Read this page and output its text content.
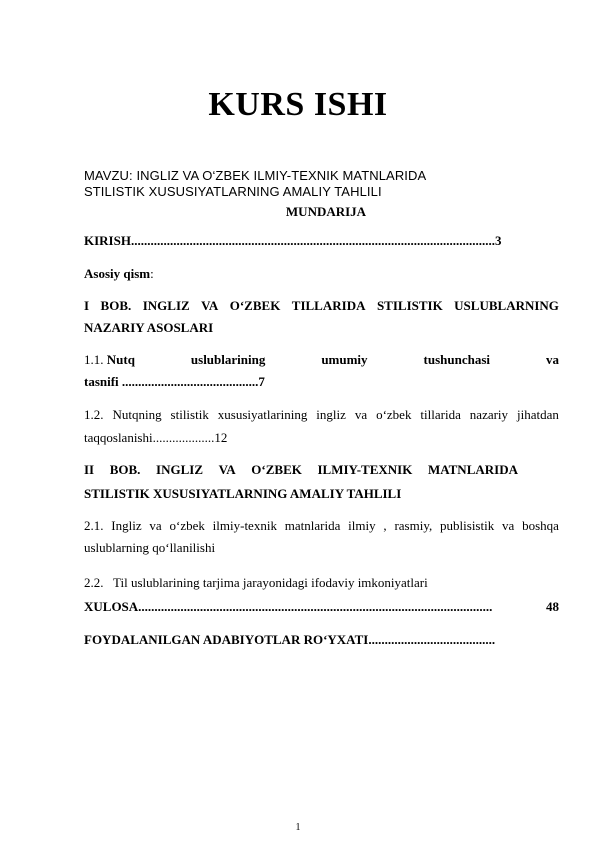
KURS ISHI
MAVZU: INGLIZ VA O‘ZBEK ILMIY-TEXNIK MATNLARIDA
STILISTIK XUSUSIYATLARNING AMALIY TAHLILI
MUNDARIJA
KIRISH................................................................................................................3
Asosiy qism:
I BOB. INGLIZ VA O‘ZBEK TILLARIDA STILISTIK USLUBLARNING
NAZARIY ASOSLARI
1.1. Nutq	uslublarining	umumiy	tushunchasi	va
tasnifi ..........................................7
1.2. Nutqning stilistik xususiyatlarining ingliz va o‘zbek tillarida nazariy jihatdan
taqqoslanishi...................12
II BOB. INGLIZ VA O‘ZBEK ILMIY-TEXNIK MATNLARIDA
STILISTIK XUSUSIYATLARNING AMALIY TAHLILI
2.1. Ingliz va o‘zbek ilmiy-texnik matnlarida ilmiy , rasmiy, publisistik va boshqa
uslublarning qo‘llanilishi
2.2.   Til uslublarining tarjima jarayonidagi ifodaviy imkoniyatlari
XULOSA.............................................................................................................	48
FOYDALANILGAN ADABIYOTLAR RO‘YXATI.......................................
1
